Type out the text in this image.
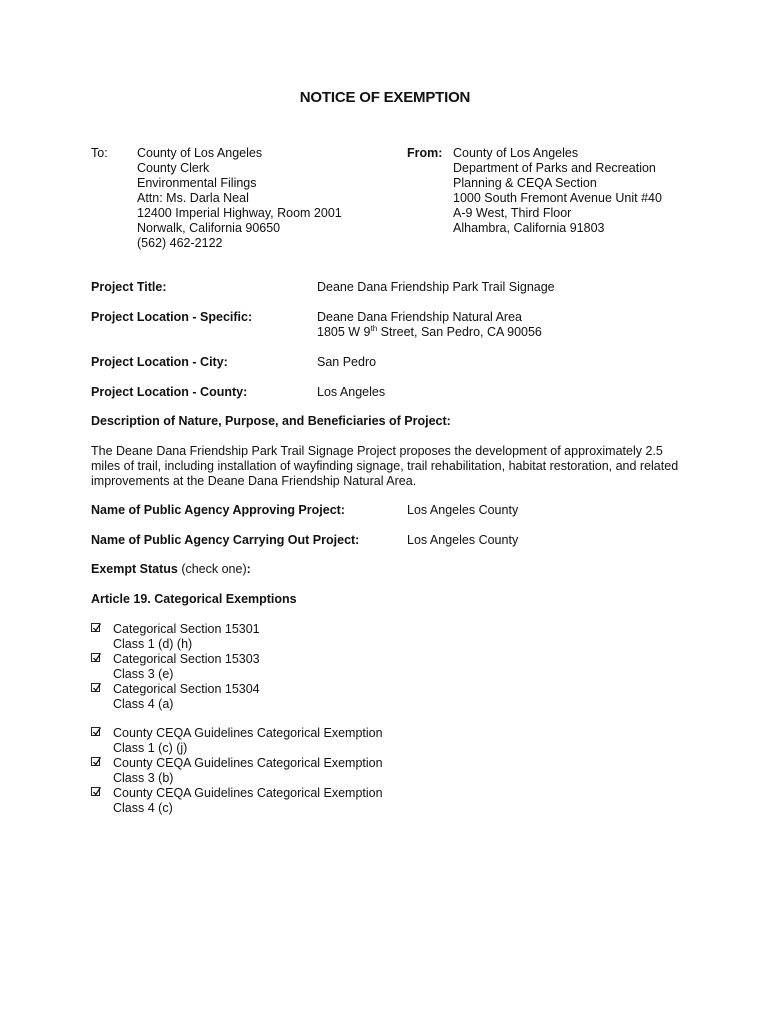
NOTICE OF EXEMPTION
To: County of Los Angeles
County Clerk
Environmental Filings
Attn: Ms. Darla Neal
12400 Imperial Highway, Room 2001
Norwalk, California 90650
(562) 462-2122
From: County of Los Angeles
Department of Parks and Recreation
Planning & CEQA Section
1000 South Fremont Avenue Unit #40
A-9 West, Third Floor
Alhambra, California 91803
Project Title:	Deane Dana Friendship Park Trail Signage
Project Location - Specific:	Deane Dana Friendship Natural Area
1805 W 9th Street, San Pedro, CA 90056
Project Location - City:	San Pedro
Project Location - County:	Los Angeles
Description of Nature, Purpose, and Beneficiaries of Project:
The Deane Dana Friendship Park Trail Signage Project proposes the development of approximately 2.5
miles of trail, including installation of wayfinding signage, trail rehabilitation, habitat restoration, and related
improvements at the Deane Dana Friendship Natural Area.
Name of Public Agency Approving Project:	Los Angeles County
Name of Public Agency Carrying Out Project:	Los Angeles County
Exempt Status (check one):
Article 19. Categorical Exemptions
Categorical Section 15301
Class 1 (d) (h)
Categorical Section 15303
Class 3 (e)
Categorical Section 15304
Class 4 (a)
County CEQA Guidelines Categorical Exemption
Class 1 (c) (j)
County CEQA Guidelines Categorical Exemption
Class 3 (b)
County CEQA Guidelines Categorical Exemption
Class 4 (c)
